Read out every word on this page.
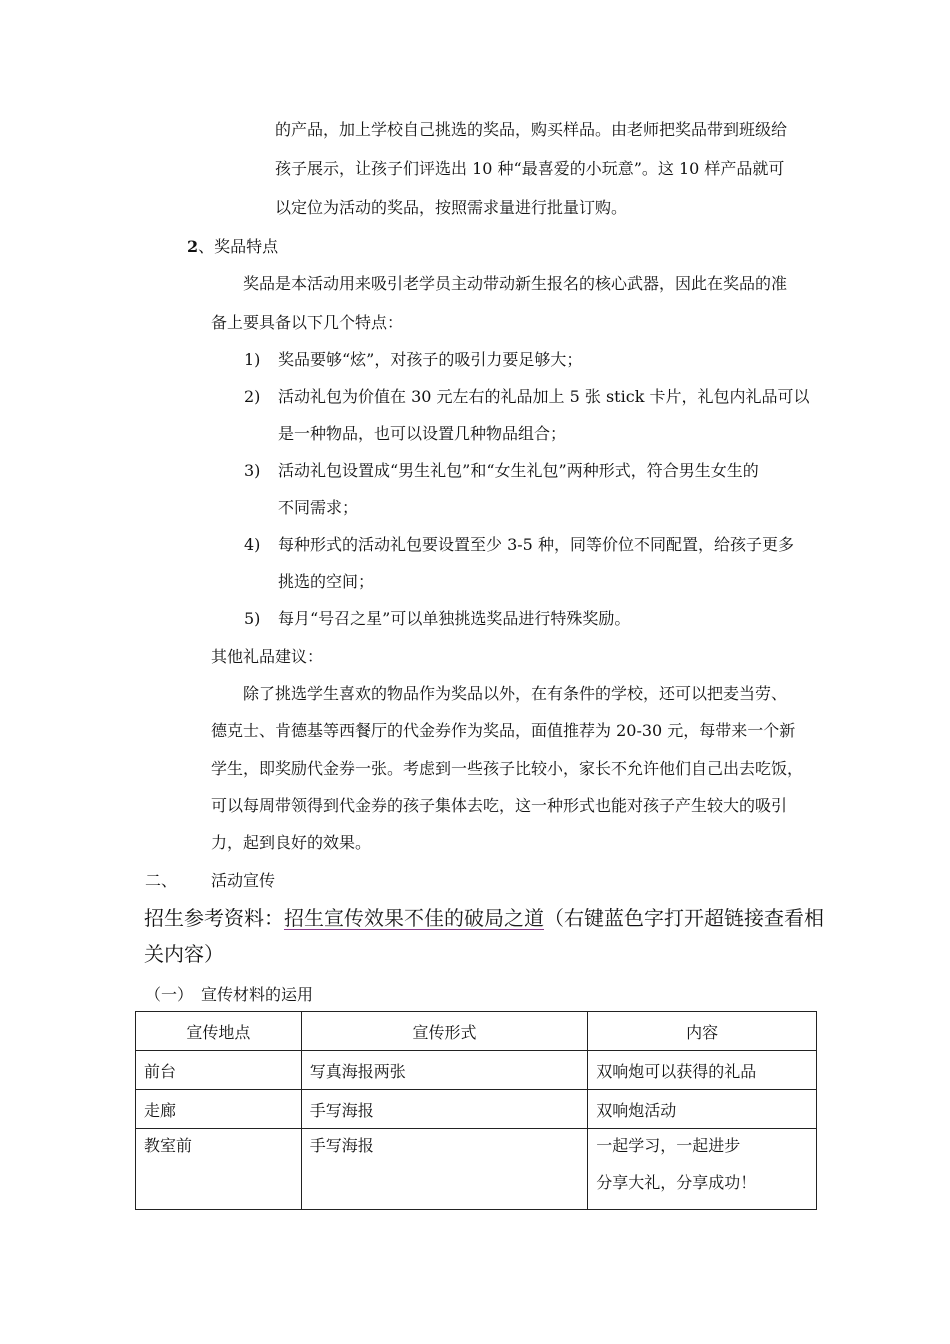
的产品，加上学校自己挑选的奖品，购买样品。由老师把奖品带到班级给
孩子展示，让孩子们评选出 10 种“最喜爱的小玩意”。这 10 样产品就可
以定位为活动的奖品，按照需求量进行批量订购。
2、奖品特点
奖品是本活动用来吸引老学员主动带动新生报名的核心武器，因此在奖品的准
备上要具备以下几个特点：
1) 奖品要够“炫”，对孩子的吸引力要足够大；
2) 活动礼包为价值在 30 元左右的礼品加上 5 张 stick 卡片，礼包内礼品可以
是一种物品，也可以设置几种物品组合；
3) 活动礼包设置成“男生礼包”和“女生礼包”两种形式，符合男生女生的
不同需求；
4) 每种形式的活动礼包要设置至少 3-5 种，同等价位不同配置，给孩子更多
挑选的空间；
5) 每月“号召之星”可以单独挑选奖品进行特殊奖励。
其他礼品建议：
除了挑选学生喜欢的物品作为奖品以外，在有条件的学校，还可以把麦当劳、
德克士、肯德基等西餐厅的代金券作为奖品，面值推荐为 20-30 元，每带来一个新
学生，即奖励代金券一张。考虑到一些孩子比较小，家长不允许他们自己出去吃饭，
可以每周带领得到代金券的孩子集体去吃，这一种形式也能对孩子产生较大的吸引
力，起到良好的效果。
二、 活动宣传
招生参考资料：招生宣传效果不佳的破局之道（右键蓝色字打开超链接查看相
关内容）
（一） 宣传材料的运用
宣传地点	宣传形式	内容
前台	写真海报两张	双响炮可以获得的礼品
走廊	手写海报	双响炮活动

教室前	手写海报	一起学习，一起进步
分享大礼，分享成功！
